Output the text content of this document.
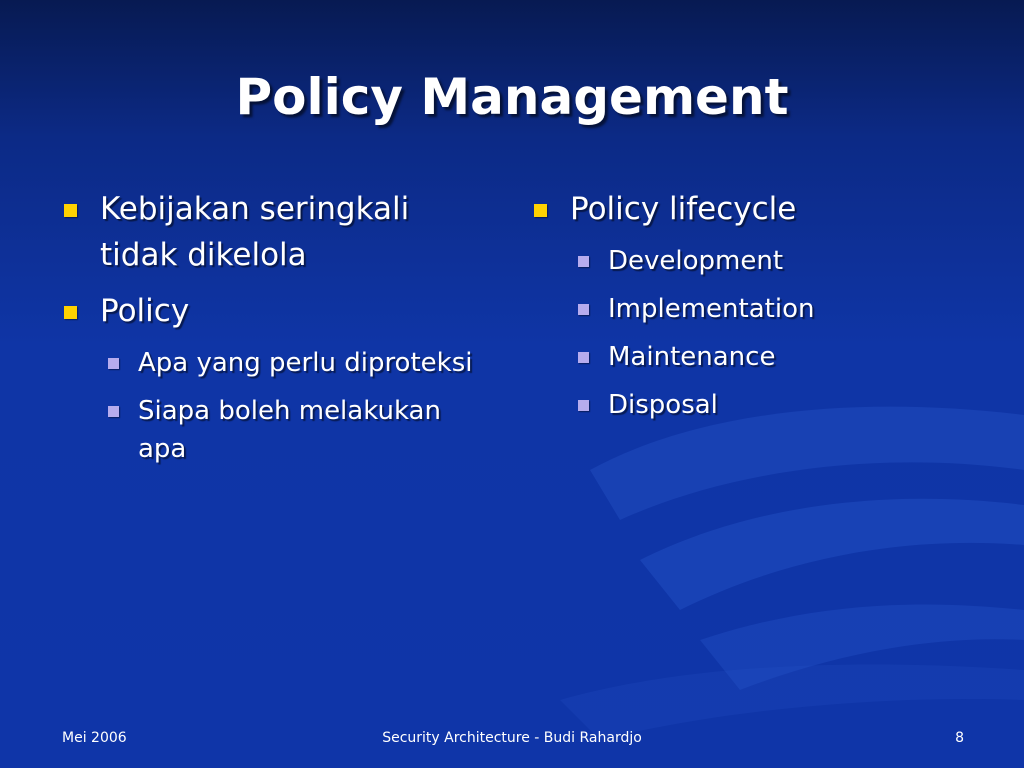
Policy Management
Kebijakan seringkali tidak dikelola
Policy
Apa yang perlu diproteksi
Siapa boleh melakukan apa
Policy lifecycle
Development
Implementation
Maintenance
Disposal
Mei 2006	Security Architecture - Budi Rahardjo	8
